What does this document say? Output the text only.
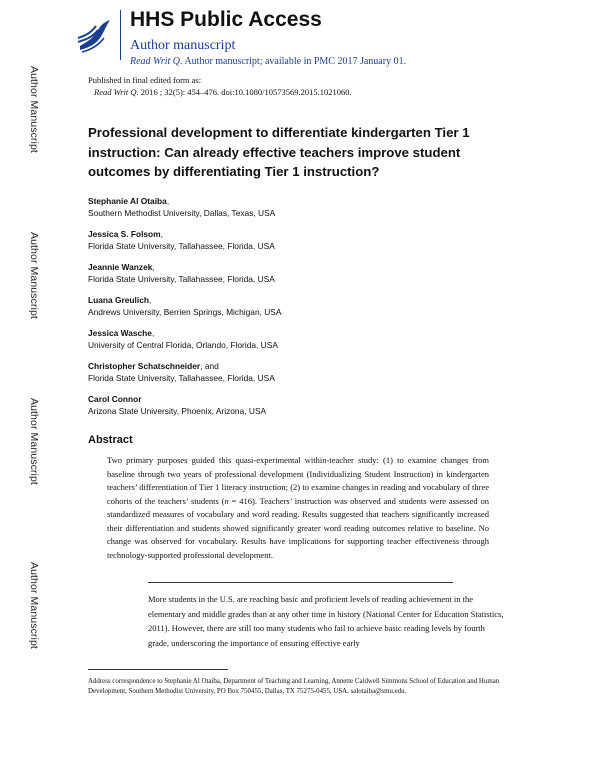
Author Manuscript
Author Manuscript
Author Manuscript
Author Manuscript
HHS Public Access
Author manuscript
Read Writ Q. Author manuscript; available in PMC 2017 January 01.
Published in final edited form as:
Read Writ Q. 2016 ; 32(5): 454–476. doi:10.1080/10573569.2015.1021060.
Professional development to differentiate kindergarten Tier 1 instruction: Can already effective teachers improve student outcomes by differentiating Tier 1 instruction?
Stephanie Al Otaiba,
Southern Methodist University, Dallas, Texas, USA
Jessica S. Folsom,
Florida State University, Tallahassee, Florida, USA
Jeannie Wanzek,
Florida State University, Tallahassee, Florida, USA
Luana Greulich,
Andrews University, Berrien Springs, Michigan, USA
Jessica Wasche,
University of Central Florida, Orlando, Florida, USA
Christopher Schatschneider, and
Florida State University, Tallahassee, Florida, USA
Carol Connor
Arizona State University, Phoenix, Arizona, USA
Abstract
Two primary purposes guided this quasi-experimental within-teacher study: (1) to examine changes from baseline through two years of professional development (Individualizing Student Instruction) in kindergarten teachers’ differentiation of Tier 1 literacy instruction; (2) to examine changes in reading and vocabulary of three cohorts of the teachers’ students (n = 416). Teachers’ instruction was observed and students were assessed on standardized measures of vocabulary and word reading. Results suggested that teachers significantly increased their differentiation and students showed significantly greater word reading outcomes relative to baseline. No change was observed for vocabulary. Results have implications for supporting teacher effectiveness through technology-supported professional development.
More students in the U.S. are reaching basic and proficient levels of reading achievement in the elementary and middle grades than at any other time in history (National Center for Education Statistics, 2011). However, there are still too many students who fail to achieve basic reading levels by fourth grade, underscoring the importance of ensuring effective early
Address correspondence to Stephanie Al Otaiba, Department of Teaching and Learning, Annette Caldwell Simmons School of Education and Human Development, Southern Methodist University, PO Box 750455, Dallas, TX 75275-0455, USA. salotaiba@smu.edu.
